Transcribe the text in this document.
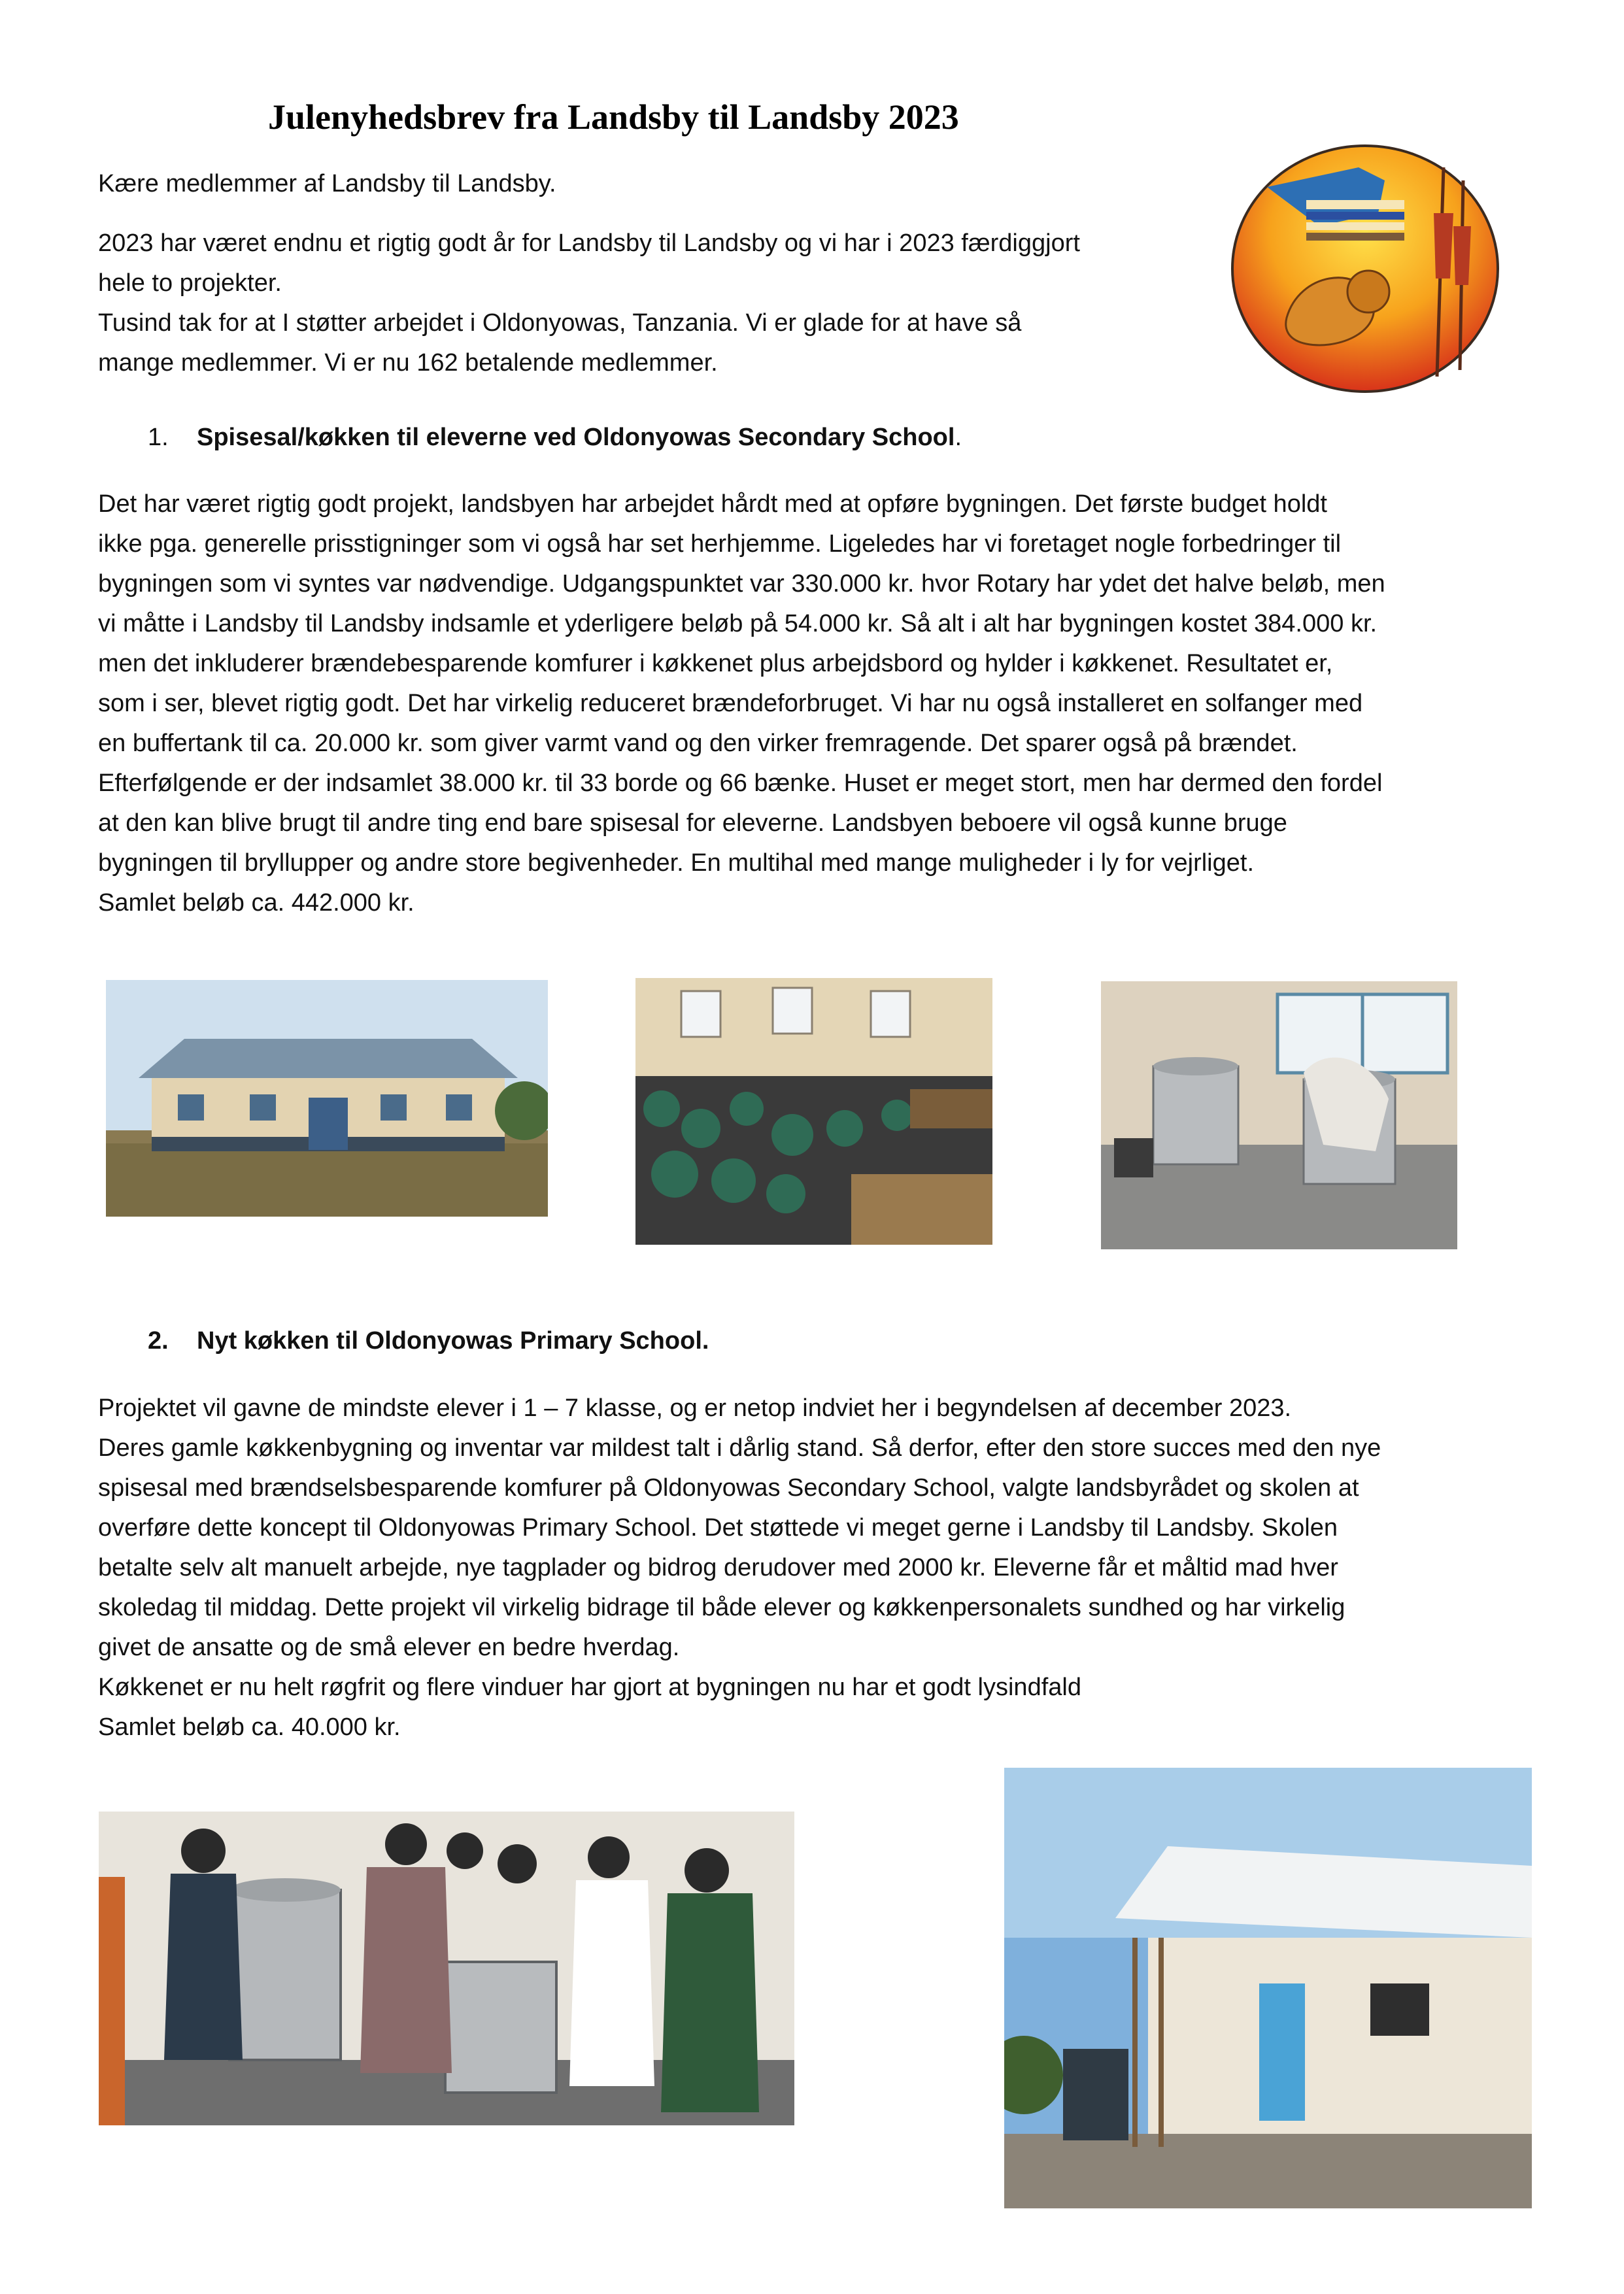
Julenyhedsbrev fra Landsby til Landsby 2023

Kære medlemmer af Landsby til Landsby.

2023 har været endnu et rigtig godt år for Landsby til Landsby og vi har i 2023 færdiggjort

hele to projekter.

Tusind tak for at I støtter arbejdet i Oldonyowas, Tanzania. Vi er glade for at have så

mange medlemmer. Vi er nu 162 betalende medlemmer.

1. Spisesal/køkken til eleverne ved Oldonyowas Secondary School.

Det har været rigtig godt projekt, landsbyen har arbejdet hårdt med at opføre bygningen. Det første budget holdt

ikke pga. generelle prisstigninger som vi også har set herhjemme. Ligeledes har vi foretaget nogle forbedringer til

bygningen som vi syntes var nødvendige. Udgangspunktet var 330.000 kr. hvor Rotary har ydet det halve beløb, men

vi måtte i Landsby til Landsby indsamle et yderligere beløb på 54.000 kr. Så alt i alt har bygningen kostet 384.000 kr.

men det inkluderer brændebesparende komfurer i køkkenet plus arbejdsbord og hylder i køkkenet. Resultatet er,

som i ser, blevet rigtig godt. Det har virkelig reduceret brændeforbruget. Vi har nu også installeret en solfanger med

en buffertank til ca. 20.000 kr. som giver varmt vand og den virker fremragende. Det sparer også på brændet.

Efterfølgende er der indsamlet 38.000 kr. til 33 borde og 66 bænke. Huset er meget stort, men har dermed den fordel

at den kan blive brugt til andre ting end bare spisesal for eleverne. Landsbyen beboere vil også kunne bruge

bygningen til bryllupper og andre store begivenheder. En multihal med mange muligheder i ly for vejrliget.

Samlet beløb ca. 442.000 kr.

2. Nyt køkken til Oldonyowas Primary School.

Projektet vil gavne de mindste elever i 1 – 7 klasse, og er netop indviet her i begyndelsen af december 2023.

Deres gamle køkkenbygning og inventar var mildest talt i dårlig stand. Så derfor, efter den store succes med den nye

spisesal med brændselsbesparende komfurer på Oldonyowas Secondary School, valgte landsbyrådet og skolen at

overføre dette koncept til Oldonyowas Primary School. Det støttede vi meget gerne i Landsby til Landsby. Skolen

betalte selv alt manuelt arbejde, nye tagplader og bidrog derudover med 2000 kr. Eleverne får et måltid mad hver

skoledag til middag. Dette projekt vil virkelig bidrage til både elever og køkkenpersonalets sundhed og har virkelig

givet de ansatte og de små elever en bedre hverdag.

Køkkenet er nu helt røgfrit og flere vinduer har gjort at bygningen nu har et godt lysindfald

Samlet beløb ca. 40.000 kr.
